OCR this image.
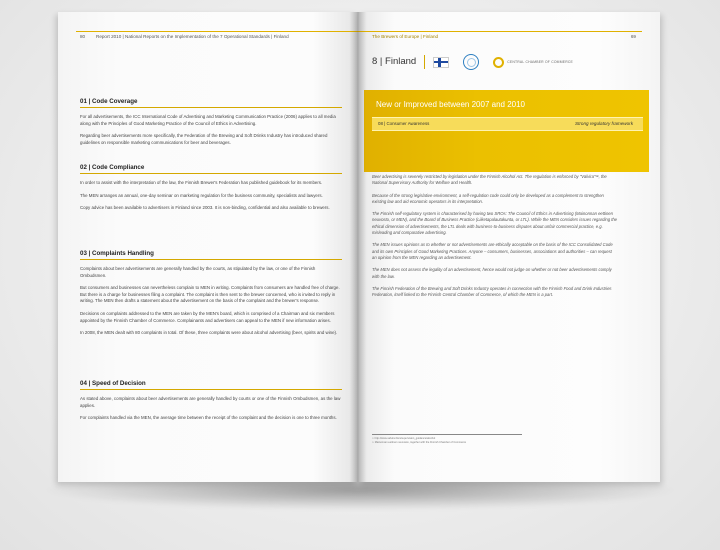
80 Report 2010 | National Reports on the Implementation of the 7 Operational Standards | Finland
01 | Code Coverage

For all advertisements, the ICC International Code of Advertising and Marketing Communication Practice (2006) applies to all media along with the Principles of Good Marketing Practice of the Council of Ethics in Advertising.

Regarding beer advertisements more specifically, the Federation of the Brewing and Soft Drinks Industry has introduced shared guidelines on responsible marketing communications for beer and beverages.

02 | Code Compliance

In order to assist with the interpretation of the law, the Finnish Brewer's Federation has published guidebook for its members.

The MEN arranges an annual, one-day seminar on marketing regulation for the business community, specialists and lawyers.

Copy advice has been available to advertisers in Finland since 2003. It is non-binding, confidential and also available to brewers.

03 | Complaints Handling

Complaints about beer advertisements are generally handled by the courts, as stipulated by the law, or one of the Finnish Ombudsmen.

But consumers and businesses can nevertheless complain to MEN in writing. Complaints from consumers are handled free of charge. But there is a charge for businesses filing a complaint. The complaint is then sent to the brewer concerned, who is invited to reply in writing. The MEN then drafts a statement about the advertisement on the basis of the complaint and the brewer's response.

Decisions on complaints addressed to the MEN are taken by the MEN's board, which is comprised of a Chairman and six members appointed by the Finnish Chamber of Commerce. Complainants and advertisers can appeal to the MEN if new information arises.

In 2008, the MEN dealt with 80 complaints in total. Of these, three complaints were about alcohol advertising (beer, spirits and wine).

04 | Speed of Decision

As stated above, complaints about beer advertisements are generally handled by courts or one of the Finnish Ombudsmen, as the law applies.

For complaints handled via the MEN, the average time between the receipt of the complaint and the decision is one to three months.

The Brewers of Europe | Finland	69
8 | Finland	CENTRAL CHAMBER OF COMMERCE
New or Improved between 2007 and 2010
08 | Consumer Awareness	Strong regulatory framework

Beer advertising is severely restricted by legislation under the Finnish Alcohol Act. The regulation is enforced by "Valvira"¹⁸, the National Supervisory Authority for Welfare and Health.

Because of the strong legislative environment, a self-regulation code could only be developed as a complement to strengthen existing law and aid economic operators in its interpretation.

The Finnish self-regulatory system is characterised by having two SROs: The Council of Ethics in Advertising (Mainonnan eettinen neuvosto, or MEN), and the Board of Business Practice (Liiketapalautakunta, or LTL). While the MEN considers issues regarding the ethical dimension of advertisements, the LTL deals with business-to-business disputes about unfair commercial practice, e.g. misleading and comparative advertising.

The MEN issues opinions as to whether or not advertisements are ethically acceptable on the basis of the ICC Consolidated Code and its own Principles of Good Marketing Practices. Anyone – consumers, businesses, associations and authorities – can request an opinion from the MEN regarding an advertisement.

The MEN does not assess the legality of an advertisement, hence would not judge on whether or not beer advertisements comply with the law.

The Finnish Federation of the Brewing and Soft Drinks Industry operates in connection with the Finnish Food and Drink Industries Federation, itself linked to the Finnish Central Chamber of Commerce, of which the MEN is a part.

¹⁸ http://www.valvira.fi/en/supervision_guidance/alcohol
¹⁹ Mainonnan eettinen neuvosto, together with the Finnish Chamber of Commerce
